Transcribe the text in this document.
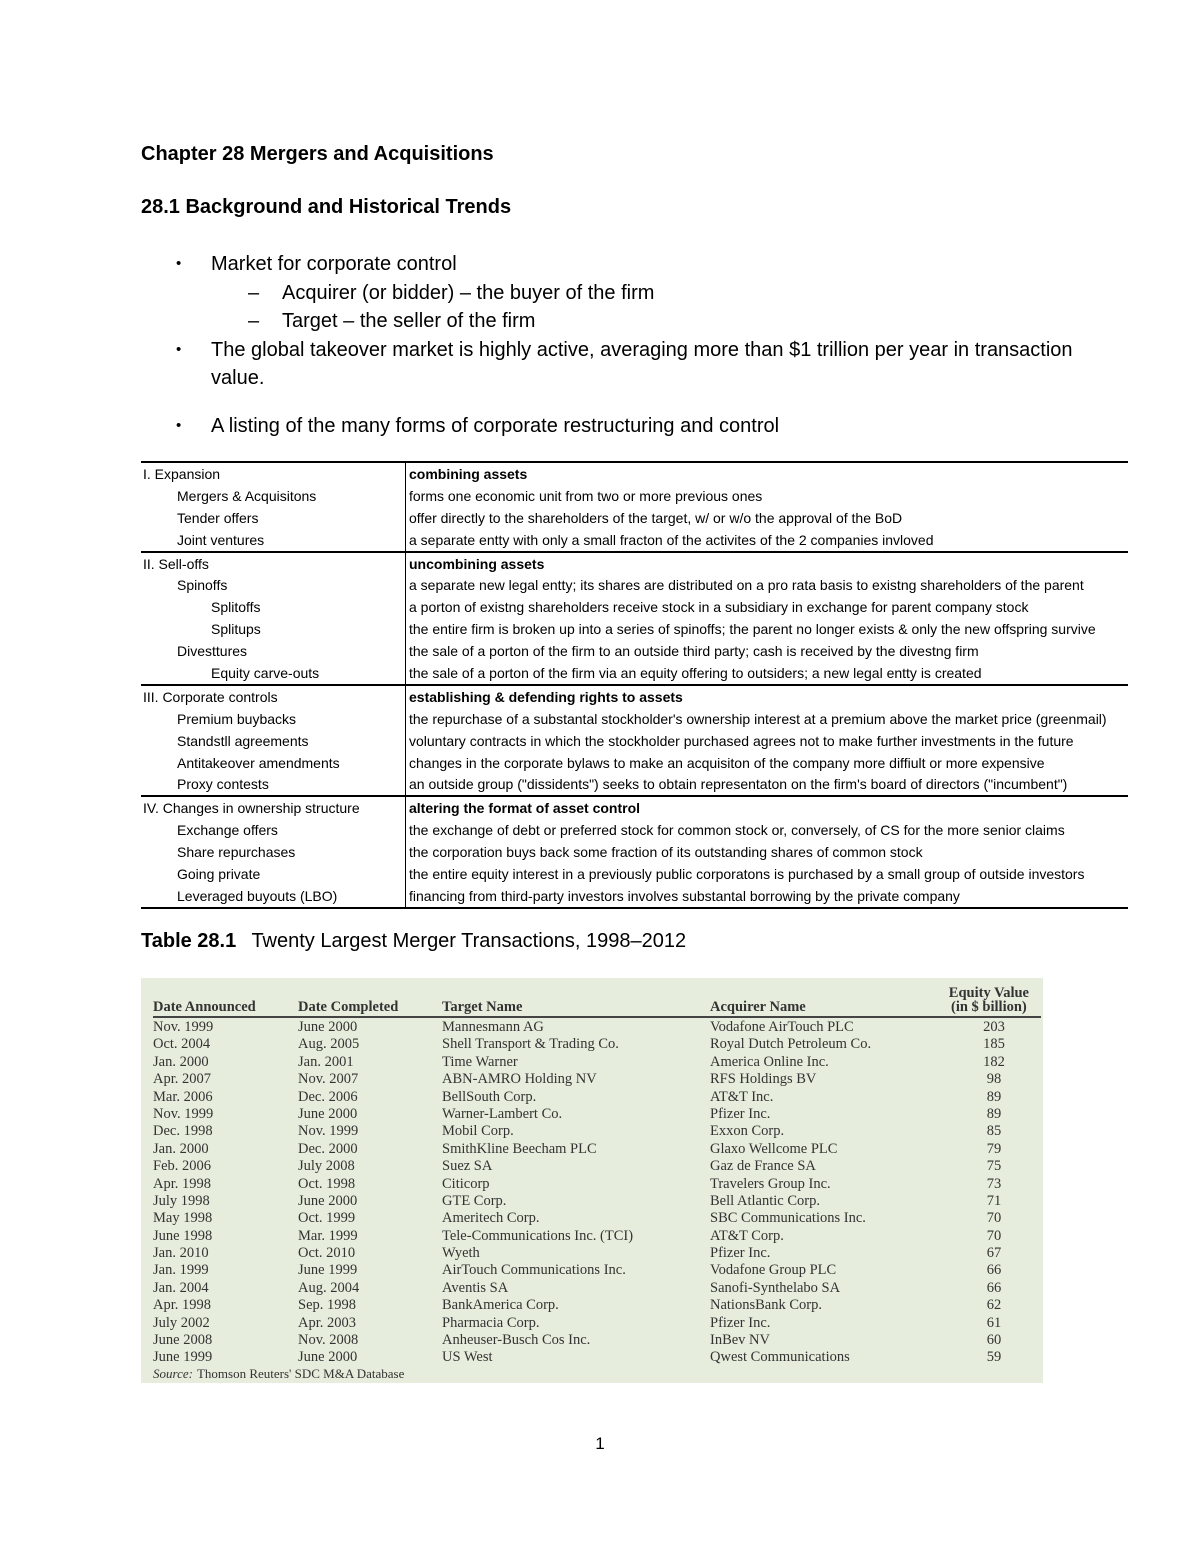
Chapter 28 Mergers and Acquisitions
28.1 Background and Historical Trends
• Market for corporate control
– Acquirer (or bidder) – the buyer of the firm
– Target – the seller of the firm
• The global takeover market is highly active, averaging more than $1 trillion per year in transaction value.
• A listing of the many forms of corporate restructuring and control
I. Expansion	combining assets
Mergers & Acquisitons	forms one economic unit from two or more previous ones
Tender offers	offer directly to the shareholders of the target, w/ or w/o the approval of the BoD
Joint ventures	a separate entty with only a small fracton of the activites of the 2 companies invloved
II. Sell-offs	uncombining assets
Spinoffs	a separate new legal entty; its shares are distributed on a pro rata basis to existng shareholders of the parent
Splitoffs	a porton of existng shareholders receive stock in a subsidiary in exchange for parent company stock
Splitups	the entire firm is broken up into a series of spinoffs; the parent no longer exists & only the new offspring survive
Divesttures	the sale of a porton of the firm to an outside third party; cash is received by the divestng firm
Equity carve-outs	the sale of a porton of the firm via an equity offering to outsiders; a new legal entty is created
III. Corporate controls	establishing & defending rights to assets
Premium buybacks	the repurchase of a substantal stockholder's ownership interest at a premium above the market price (greenmail)
Standstll agreements	voluntary contracts in which the stockholder purchased agrees not to make further investments in the future
Antitakeover amendments	changes in the corporate bylaws to make an acquisiton of the company more diffiult or more expensive
Proxy contests	an outside group ("dissidents") seeks to obtain representaton on the firm's board of directors ("incumbent")
IV. Changes in ownership structure	altering the format of asset control
Exchange offers	the exchange of debt or preferred stock for common stock or, conversely, of CS for the more senior claims
Share repurchases	the corporation buys back some fraction of its outstanding shares of common stock
Going private	the entire equity interest in a previously public corporatons is purchased by a small group of outside investors
Leveraged buyouts (LBO)	financing from third-party investors involves substantal borrowing by the private company
Table 28.1 Twenty Largest Merger Transactions, 1998–2012
Date Announced	Date Completed	Target Name	Acquirer Name
Equity Value
(in $ billion)
Nov. 1999	June 2000	Mannesmann AG	Vodafone AirTouch PLC	203
Oct. 2004	Aug. 2005	Shell Transport & Trading Co.	Royal Dutch Petroleum Co.	185
Jan. 2000	Jan. 2001	Time Warner	America Online Inc.	182
Apr. 2007	Nov. 2007	ABN-AMRO Holding NV	RFS Holdings BV	98
Mar. 2006	Dec. 2006	BellSouth Corp.	AT&T Inc.	89
Nov. 1999	June 2000	Warner-Lambert Co.	Pfizer Inc.	89
Dec. 1998	Nov. 1999	Mobil Corp.	Exxon Corp.	85
Jan. 2000	Dec. 2000	SmithKline Beecham PLC	Glaxo Wellcome PLC	79
Feb. 2006	July 2008	Suez SA	Gaz de France SA	75
Apr. 1998	Oct. 1998	Citicorp	Travelers Group Inc.	73
July 1998	June 2000	GTE Corp.	Bell Atlantic Corp.	71
May 1998	Oct. 1999	Ameritech Corp.	SBC Communications Inc.	70
June 1998	Mar. 1999	Tele-Communications Inc. (TCI)	AT&T Corp.	70
Jan. 2010	Oct. 2010	Wyeth	Pfizer Inc.	67
Jan. 1999	June 1999	AirTouch Communications Inc.	Vodafone Group PLC	66
Jan. 2004	Aug. 2004	Aventis SA	Sanofi-Synthelabo SA	66
Apr. 1998	Sep. 1998	BankAmerica Corp.	NationsBank Corp.	62
July 2002	Apr. 2003	Pharmacia Corp.	Pfizer Inc.	61
June 2008	Nov. 2008	Anheuser-Busch Cos Inc.	InBev NV	60
June 1999	June 2000	US West	Qwest Communications	59
Source: Thomson Reuters' SDC M&A Database
1
